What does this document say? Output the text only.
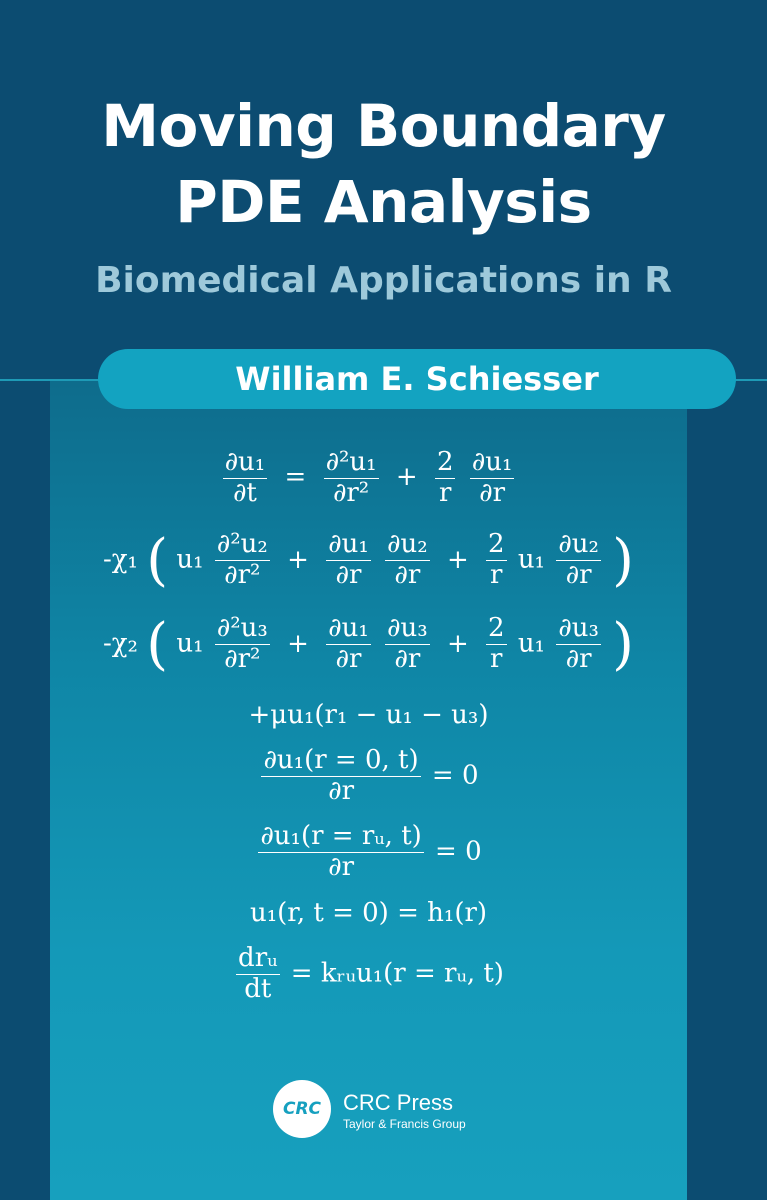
Moving Boundary
PDE Analysis
Biomedical Applications in R
William E. Schiesser
$\frac{\text{∂u₁}}{\partial t} = \frac{\text{∂²u₁}}{\text{∂r²}} + \frac{2}{r}$
$\frac{\text{∂u₁}}{\partial r}$
-χ₁ ( $u_1 \frac{\text{∂²u₂}}{\text{∂r²}} + \frac{\text{∂u₁}}{\partial r}$
$\frac{\text{∂u₂}}{\partial r} + \frac{2}{r} u_1 \frac{\text{∂u₂}}{\partial r}$ )
-χ₂ ( $u_1 \frac{\text{∂²u₃}}{\text{∂r²}} + \frac{\text{∂u₁}}{\partial r}$
$\frac{\text{∂u₃}}{\partial r} + \frac{2}{r} u_1 \frac{\text{∂u₃}}{\partial r}$ )
+μu₁(r₁ − u₁ − u₃)
$\frac{\text{∂u₁(r = 0, t)}}{\partial r} = 0$
$\frac{\text{∂u₁(r = rᵤ, t)}}{\partial r} = 0$
u₁(r, t = 0) = h₁(r)
$\frac{\text{drᵤ}}{dt}$ = kᵣᵤu₁(r = rᵤ, t)
CRC CRC Press
Taylor & Francis Group
